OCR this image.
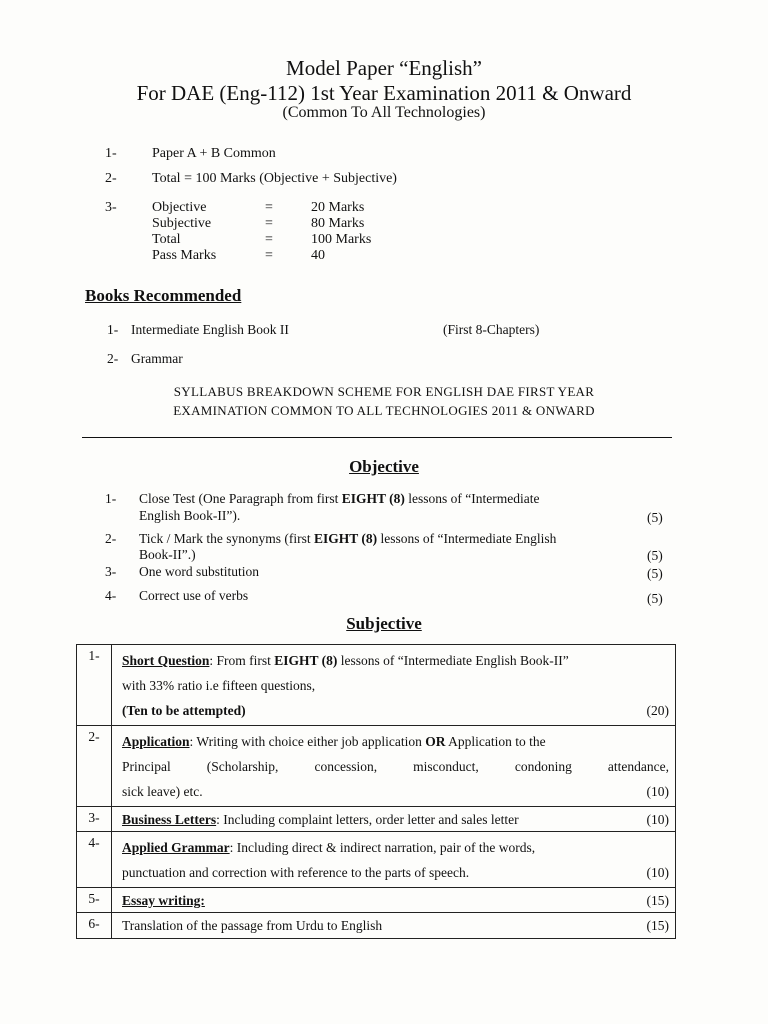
Model Paper “English”
For DAE (Eng-112) 1st Year Examination 2011 & Onward
(Common To All Technologies)
1-	Paper A + B Common
2-	Total = 100 Marks (Objective + Subjective)
3-	Objective	=	20 Marks
Subjective	=	80 Marks
Total	=	100 Marks
Pass Marks	=	40
Books Recommended
1- Intermediate English Book II	(First 8-Chapters)
2- Grammar
SYLLABUS BREAKDOWN SCHEME FOR ENGLISH DAE FIRST YEAR
EXAMINATION COMMON TO ALL TECHNOLOGIES 2011 & ONWARD
Objective
1- Close Test (One Paragraph from first EIGHT (8) lessons of “Intermediate
English Book-II”).	(5)
2- Tick / Mark the synonyms (first EIGHT (8) lessons of “Intermediate English
Book-II”.)	(5)
3- One word substitution	(5)
4- Correct use of verbs	(5)
Subjective
1-	Short Question: From first EIGHT (8) lessons of “Intermediate English Book-II”
with 33% ratio i.e fifteen questions,
(Ten to be attempted) (20)

2-	Application: Writing with choice either job application OR Application to the
Principal (Scholarship, concession, misconduct, condoning attendance,
sick leave) etc. (10)

3-	Business Letters: Including complaint letters, order letter and sales letter (10)

4-	Applied Grammar: Including direct & indirect narration, pair of the words,
punctuation and correction with reference to the parts of speech. (10)

5-	Essay writing: (15)

6-	Translation of the passage from Urdu to English (15)
